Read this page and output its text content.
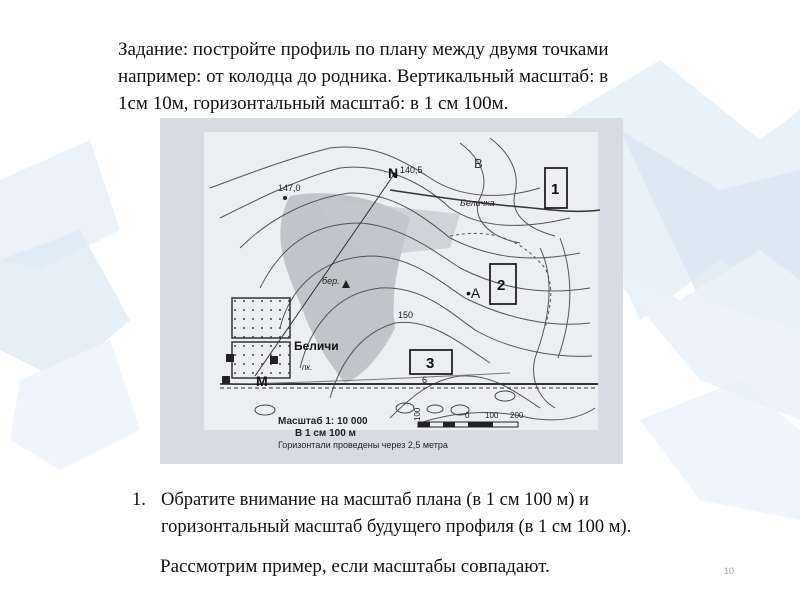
Задание: постройте профиль по плану между двумя точками
например: от колодца до родника. Вертикальный масштаб: в
1см 10м, горизонтальный масштаб: в 1 см 100м.
N
M
•A
B
1
2
3
147,0
140,5
150
6
Беличка
Беличи
бер.
пк.
Масштаб 1: 10 000
В 1 см 100 м
Горизонтали проведены через 2,5 метра
100	0 100 200
1. Обратите внимание на масштаб плана (в 1 см 100 м) и
горизонтальный масштаб будущего профиля (в 1 см 100 м).
Рассмотрим пример, если масштабы совпадают.	10
